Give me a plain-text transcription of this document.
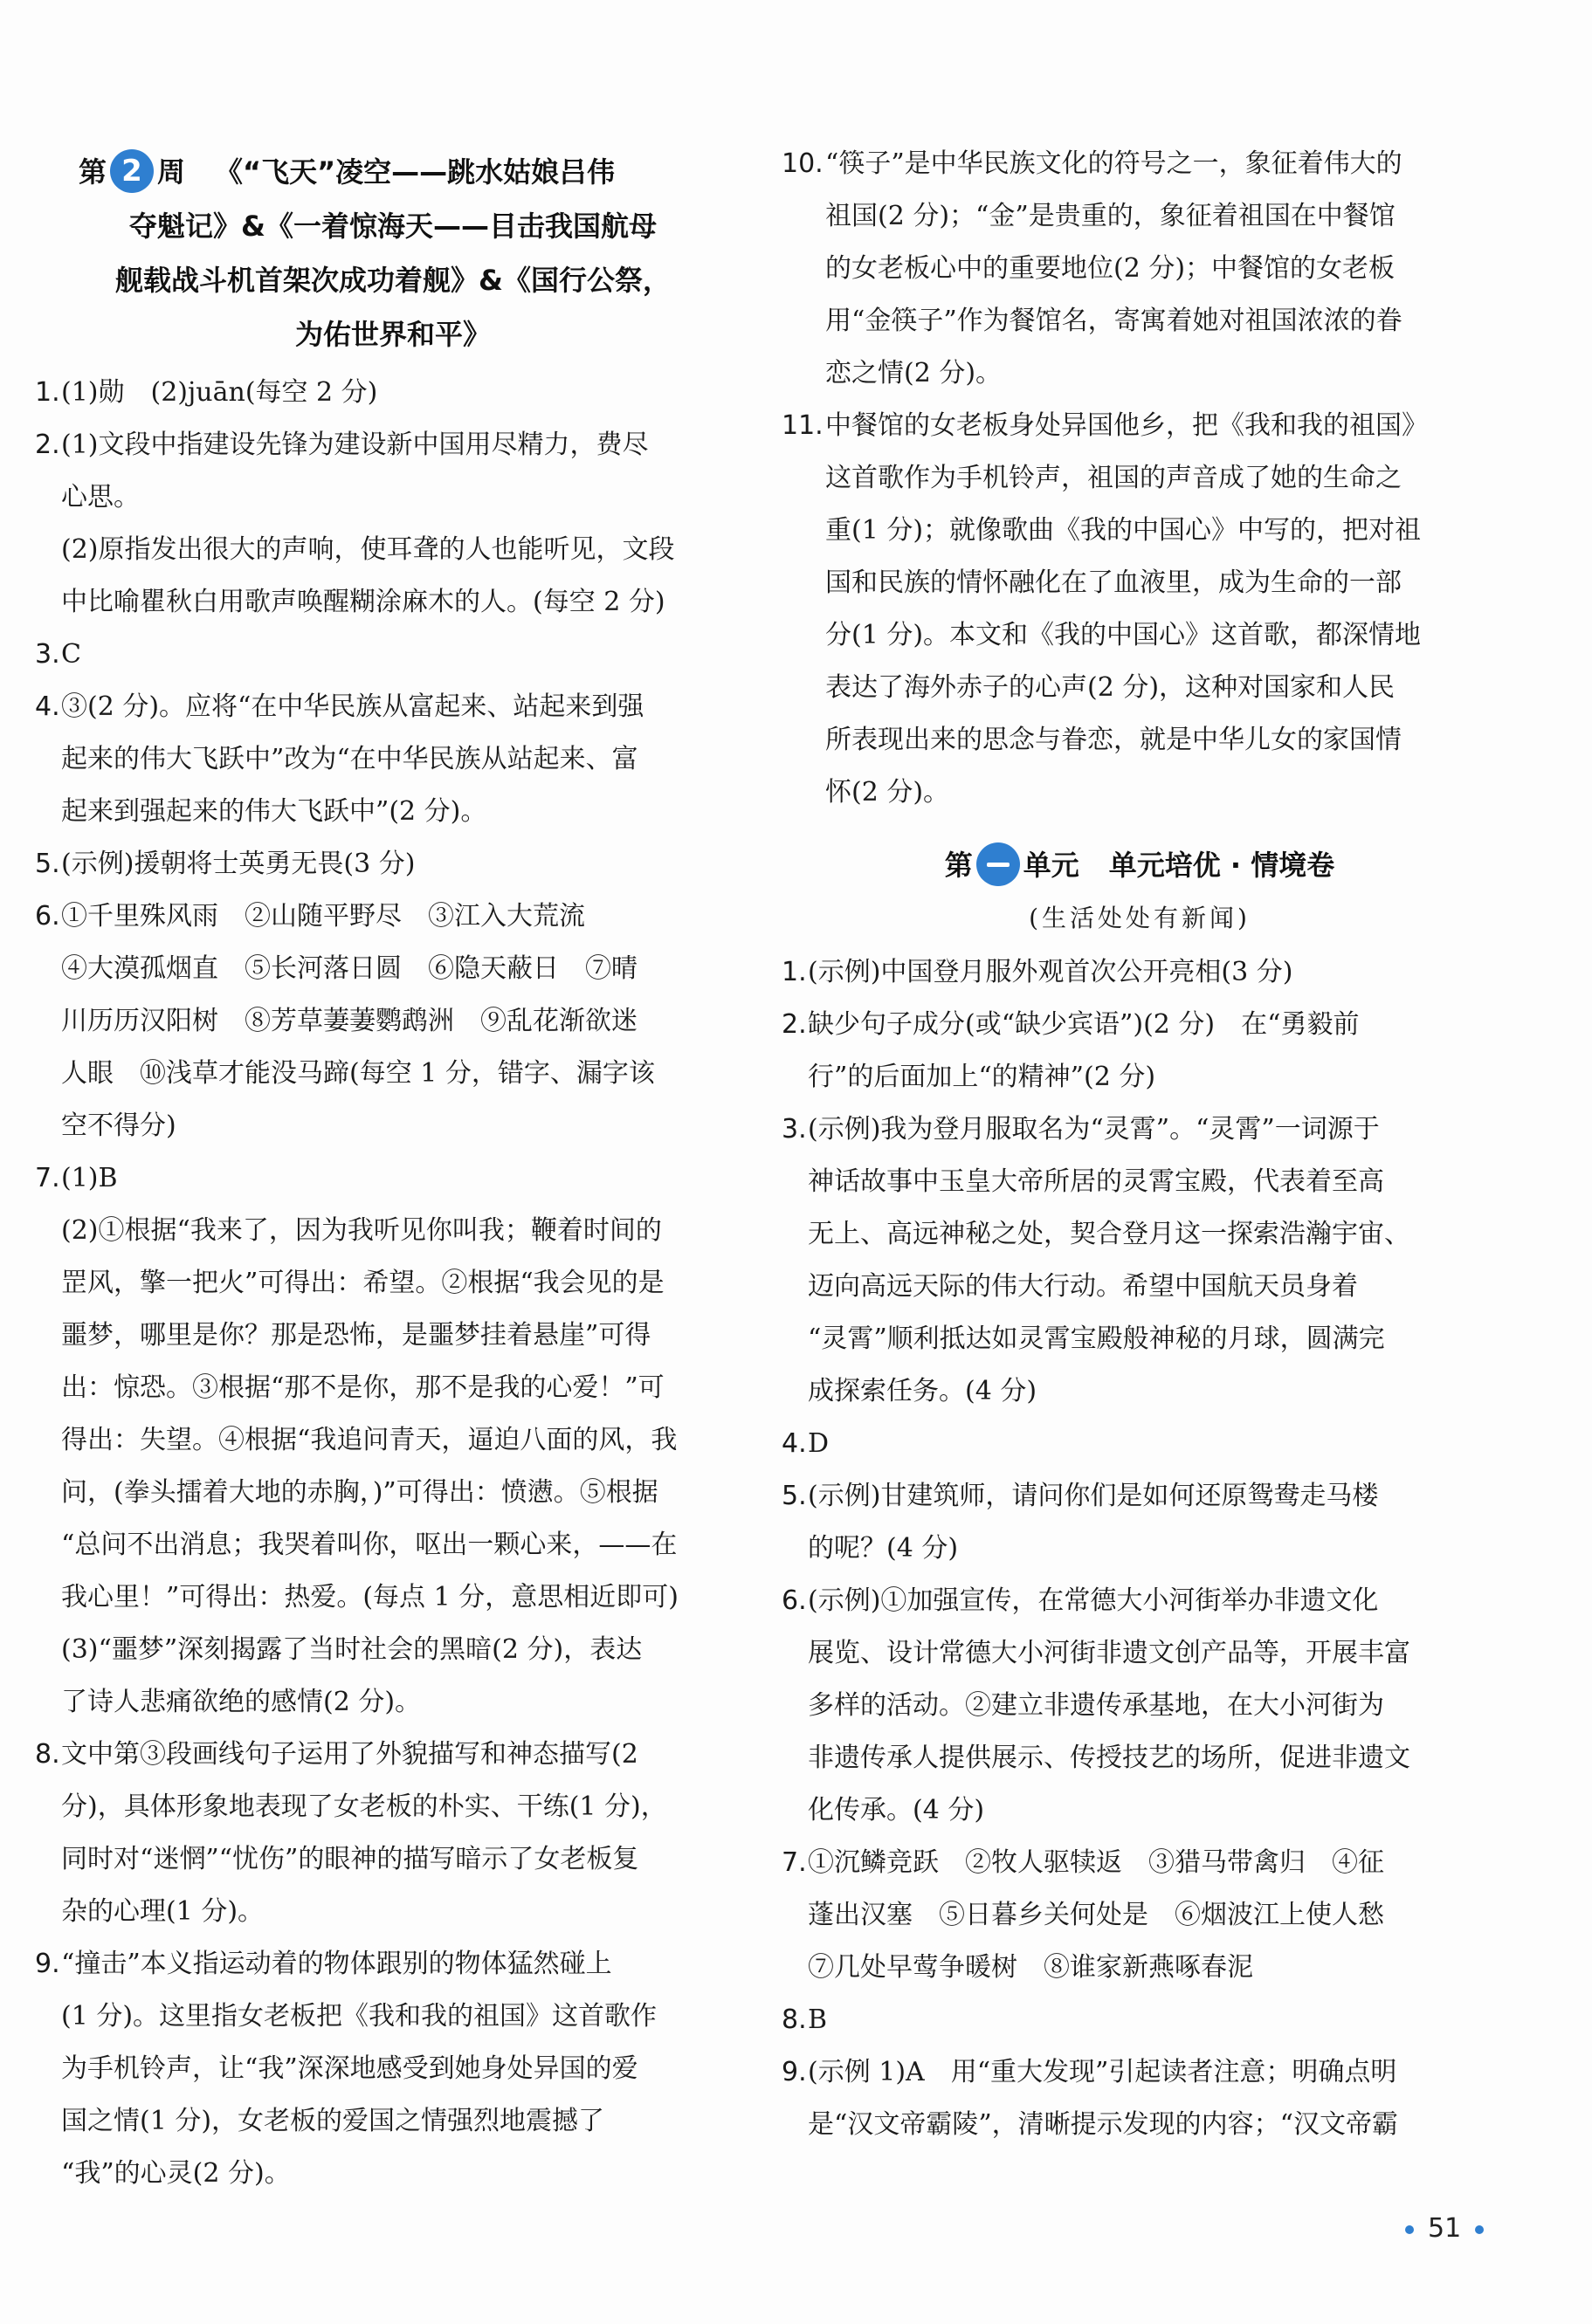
第 2 周 《“飞天”凌空——跳水姑娘吕伟
夺魁记》&《一着惊海天——目击我国航母
舰载战斗机首架次成功着舰》&《国行公祭，
为佑世界和平》
1. (1)勋　(2)juān(每空 2 分)
2. (1)文段中指建设先锋为建设新中国用尽精力，费尽
心思。
(2)原指发出很大的声响，使耳聋的人也能听见，文段
中比喻瞿秋白用歌声唤醒糊涂麻木的人。(每空 2 分)
3. C
4. ③(2 分)。应将“在中华民族从富起来、站起来到强
起来的伟大飞跃中”改为“在中华民族从站起来、富
起来到强起来的伟大飞跃中”(2 分)。
5. (示例)援朝将士英勇无畏(3 分)
6. ①千里殊风雨　②山随平野尽　③江入大荒流
④大漠孤烟直　⑤长河落日圆　⑥隐天蔽日　⑦晴
川历历汉阳树　⑧芳草萋萋鹦鹉洲　⑨乱花渐欲迷
人眼　⑩浅草才能没马蹄(每空 1 分，错字、漏字该
空不得分)
7. (1)B
(2)①根据“我来了，因为我听见你叫我；鞭着时间的
罡风，擎一把火”可得出：希望。②根据“我会见的是
噩梦，哪里是你？那是恐怖，是噩梦挂着悬崖”可得
出：惊恐。③根据“那不是你，那不是我的心爱！”可
得出：失望。④根据“我追问青天，逼迫八面的风，我
问，(拳头擂着大地的赤胸，)”可得出：愤懑。⑤根据
“总问不出消息；我哭着叫你，呕出一颗心来，——在
我心里！”可得出：热爱。(每点 1 分，意思相近即可)
(3)“噩梦”深刻揭露了当时社会的黑暗(2 分)，表达
了诗人悲痛欲绝的感情(2 分)。
8. 文中第③段画线句子运用了外貌描写和神态描写(2
分)，具体形象地表现了女老板的朴实、干练(1 分)，
同时对“迷惘”“忧伤”的眼神的描写暗示了女老板复
杂的心理(1 分)。
9. “撞击”本义指运动着的物体跟别的物体猛然碰上
(1 分)。这里指女老板把《我和我的祖国》这首歌作
为手机铃声，让“我”深深地感受到她身处异国的爱
国之情(1 分)，女老板的爱国之情强烈地震撼了
“我”的心灵(2 分)。
10. “筷子”是中华民族文化的符号之一，象征着伟大的
祖国(2 分)；“金”是贵重的，象征着祖国在中餐馆
的女老板心中的重要地位(2 分)；中餐馆的女老板
用“金筷子”作为餐馆名，寄寓着她对祖国浓浓的眷
恋之情(2 分)。
11. 中餐馆的女老板身处异国他乡，把《我和我的祖国》
这首歌作为手机铃声，祖国的声音成了她的生命之
重(1 分)；就像歌曲《我的中国心》中写的，把对祖
国和民族的情怀融化在了血液里，成为生命的一部
分(1 分)。本文和《我的中国心》这首歌，都深情地
表达了海外赤子的心声(2 分)，这种对国家和人民
所表现出来的思念与眷恋，就是中华儿女的家国情
怀(2 分)。
第 单元 单元培优 · 情境卷
(生活处处有新闻)
1. (示例)中国登月服外观首次公开亮相(3 分)
2. 缺少句子成分(或“缺少宾语”)(2 分)　在“勇毅前
行”的后面加上“的精神”(2 分)
3. (示例)我为登月服取名为“灵霄”。“灵霄”一词源于
神话故事中玉皇大帝所居的灵霄宝殿，代表着至高
无上、高远神秘之处，契合登月这一探索浩瀚宇宙、
迈向高远天际的伟大行动。希望中国航天员身着
“灵霄”顺利抵达如灵霄宝殿般神秘的月球，圆满完
成探索任务。(4 分)
4. D
5. (示例)甘建筑师，请问你们是如何还原鸳鸯走马楼
的呢？(4 分)
6. (示例)①加强宣传，在常德大小河街举办非遗文化
展览、设计常德大小河街非遗文创产品等，开展丰富
多样的活动。②建立非遗传承基地，在大小河街为
非遗传承人提供展示、传授技艺的场所，促进非遗文
化传承。(4 分)
7. ①沉鳞竞跃　②牧人驱犊返　③猎马带禽归　④征
蓬出汉塞　⑤日暮乡关何处是　⑥烟波江上使人愁
⑦几处早莺争暖树　⑧谁家新燕啄春泥
8. B
9. (示例 1)A　用“重大发现”引起读者注意；明确点明
是“汉文帝霸陵”，清晰提示发现的内容；“汉文帝霸
51
